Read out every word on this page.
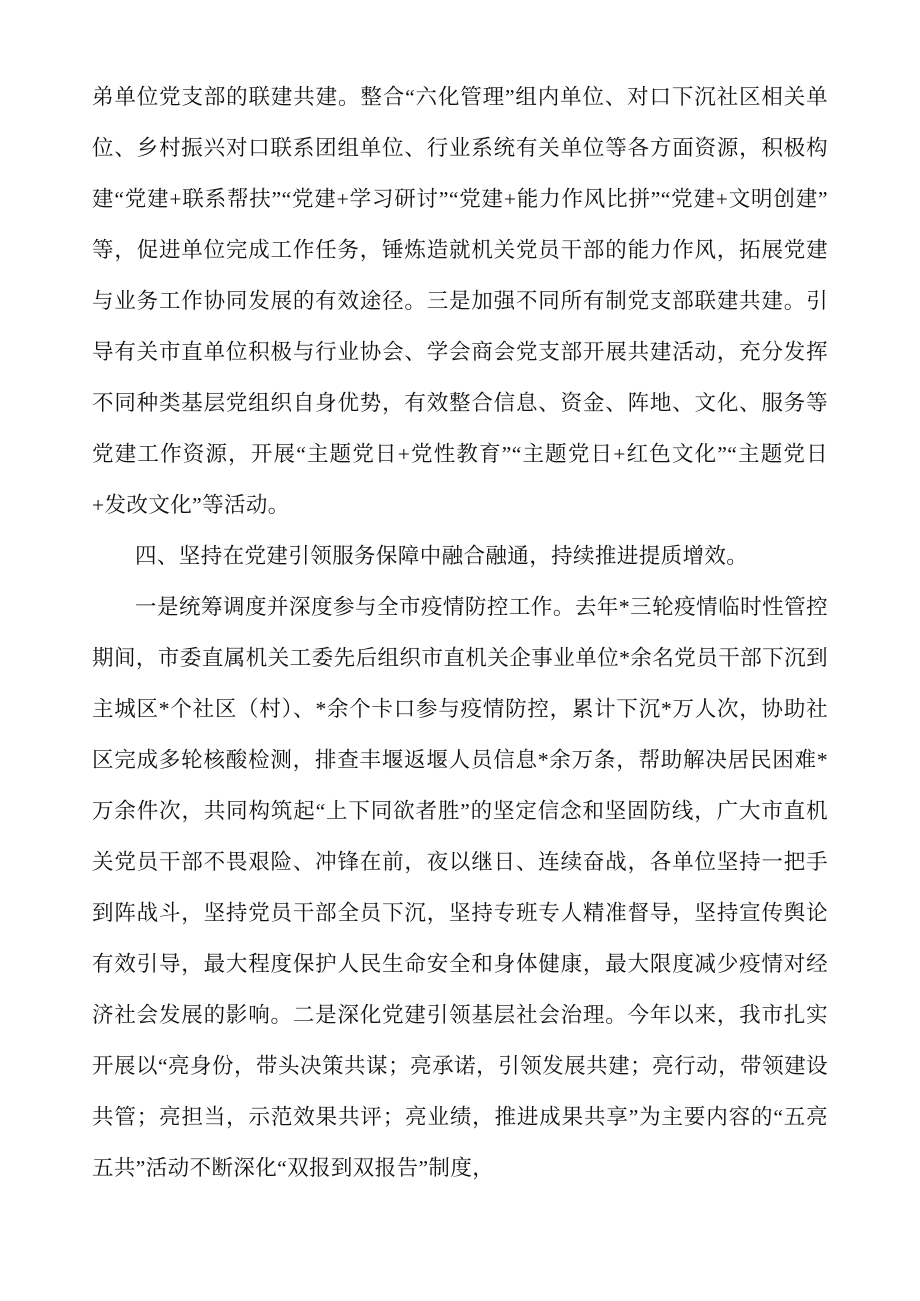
弟单位党支部的联建共建。整合“六化管理”组内单位、对口下沉社区相关单位、乡村振兴对口联系团组单位、行业系统有关单位等各方面资源，积极构建“党建+联系帮扶”“党建+学习研讨”“党建+能力作风比拼”“党建+文明创建”等，促进单位完成工作任务，锤炼造就机关党员干部的能力作风，拓展党建与业务工作协同发展的有效途径。三是加强不同所有制党支部联建共建。引导有关市直单位积极与行业协会、学会商会党支部开展共建活动，充分发挥不同种类基层党组织自身优势，有效整合信息、资金、阵地、文化、服务等党建工作资源，开展“主题党日+党性教育”“主题党日+红色文化”“主题党日+发改文化”等活动。

四、坚持在党建引领服务保障中融合融通，持续推进提质增效。

一是统筹调度并深度参与全市疫情防控工作。去年*三轮疫情临时性管控期间，市委直属机关工委先后组织市直机关企事业单位*余名党员干部下沉到主城区*个社区（村）、*余个卡口参与疫情防控，累计下沉*万人次，协助社区完成多轮核酸检测，排查丰堰返堰人员信息*余万条，帮助解决居民困难*万余件次，共同构筑起“上下同欲者胜”的坚定信念和坚固防线，广大市直机关党员干部不畏艰险、冲锋在前，夜以继日、连续奋战，各单位坚持一把手到阵战斗，坚持党员干部全员下沉，坚持专班专人精准督导，坚持宣传舆论有效引导，最大程度保护人民生命安全和身体健康，最大限度减少疫情对经济社会发展的影响。二是深化党建引领基层社会治理。今年以来，我市扎实开展以“亮身份，带头决策共谋；亮承诺，引领发展共建；亮行动，带领建设共管；亮担当，示范效果共评；亮业绩，推进成果共享”为主要内容的“五亮五共”活动不断深化“双报到双报告”制度，
